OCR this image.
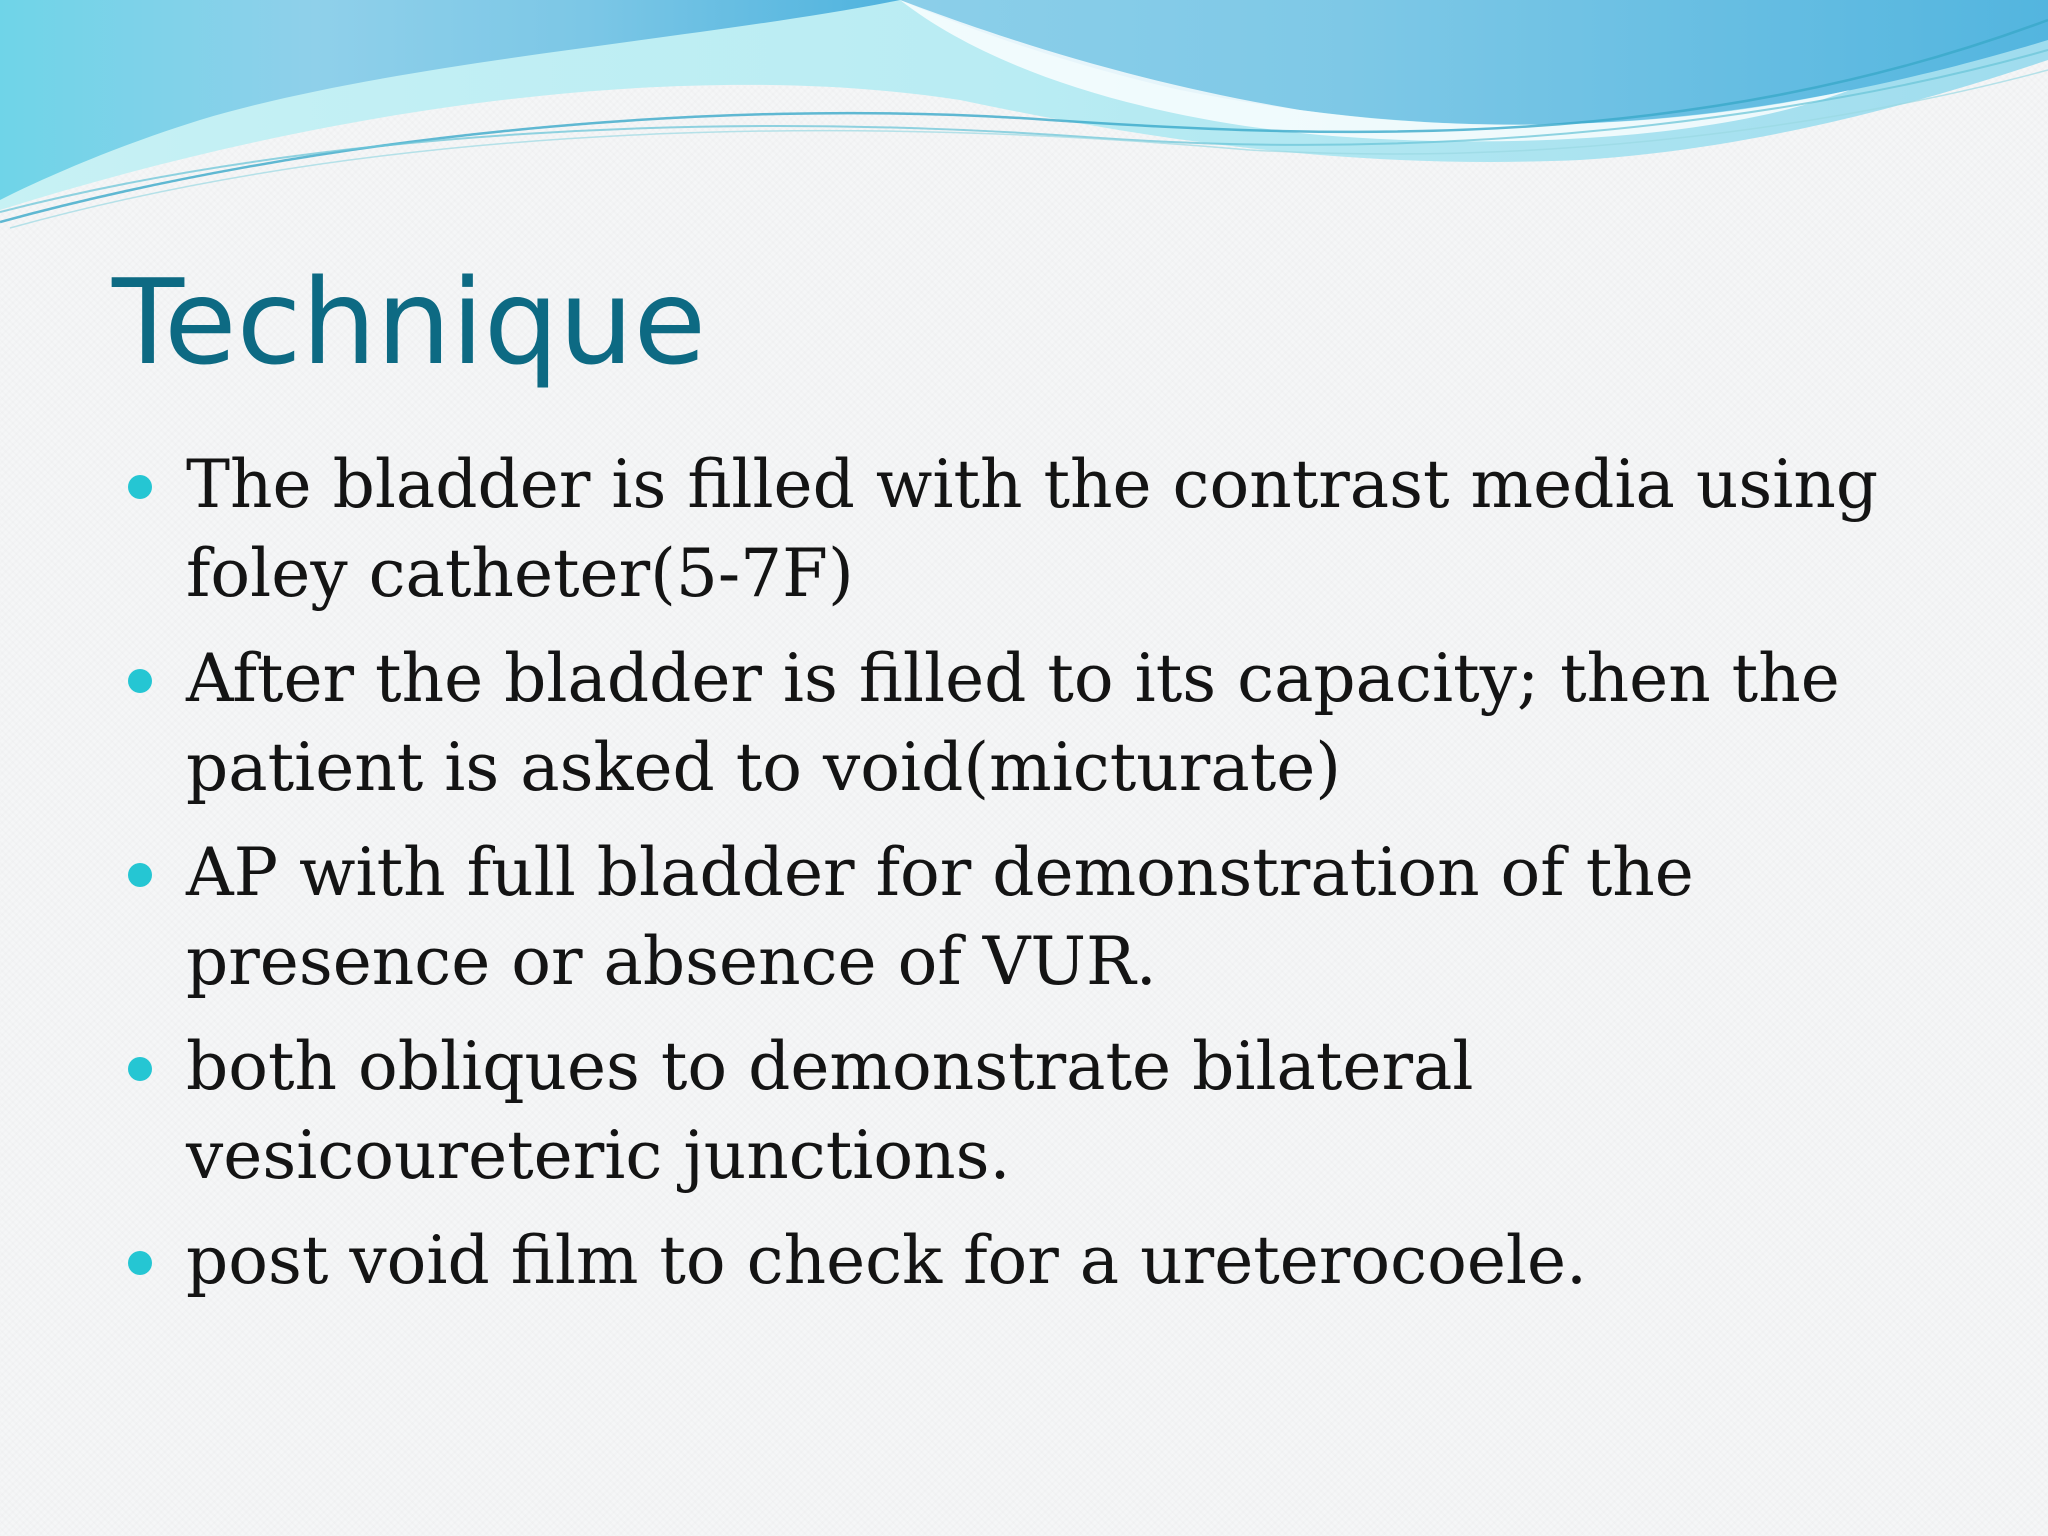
Technique
The bladder is filled with the contrast media using foley catheter(5-7F)
After the bladder is filled to its capacity; then the patient is asked to void(micturate)
AP with full bladder for demonstration of the presence or absence of VUR.
both obliques to demonstrate bilateral vesicoureteric junctions.
post void film to check for a ureterocoele.
